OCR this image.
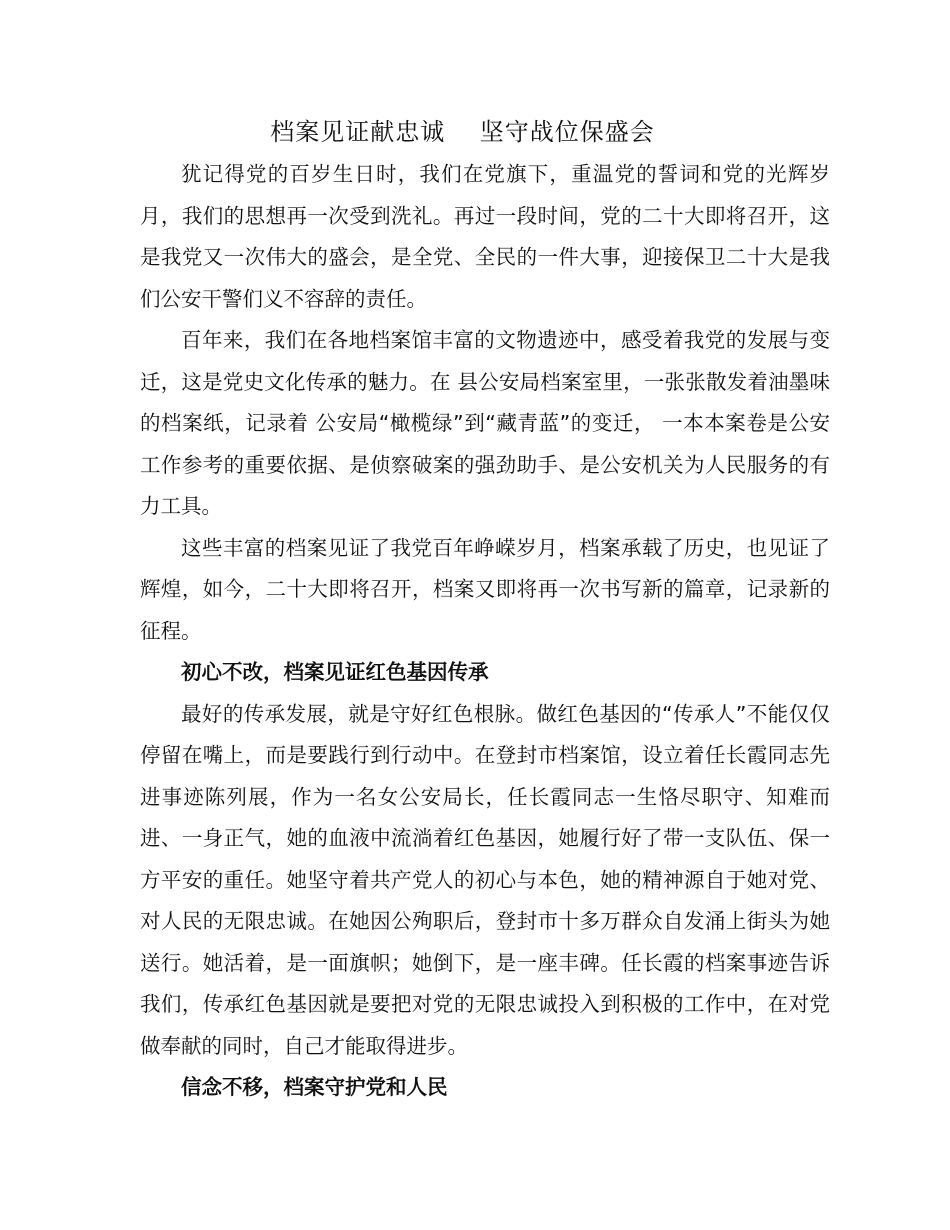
档案见证献忠诚    坚守战位保盛会

犹记得党的百岁生日时，我们在党旗下，重温党的誓词和党的光辉岁月，我们的思想再一次受到洗礼。再过一段时间，党的二十大即将召开，这是我党又一次伟大的盛会，是全党、全民的一件大事，迎接保卫二十大是我们公安干警们义不容辞的责任。

百年来，我们在各地档案馆丰富的文物遗迹中，感受着我党的发展与变迁，这是党史文化传承的魅力。在 县公安局档案室里，一张张散发着油墨味的档案纸，记录着 公安局“橄榄绿”到“藏青蓝”的变迁， 一本本案卷是公安工作参考的重要依据、是侦察破案的强劲助手、是公安机关为人民服务的有力工具。

这些丰富的档案见证了我党百年峥嵘岁月，档案承载了历史，也见证了辉煌，如今，二十大即将召开，档案又即将再一次书写新的篇章，记录新的征程。

初心不改，档案见证红色基因传承

最好的传承发展，就是守好红色根脉。做红色基因的“传承人”不能仅仅停留在嘴上，而是要践行到行动中。在登封市档案馆，设立着任长霞同志先进事迹陈列展，作为一名女公安局长，任长霞同志一生恪尽职守、知难而进、一身正气，她的血液中流淌着红色基因，她履行好了带一支队伍、保一方平安的重任。她坚守着共产党人的初心与本色，她的精神源自于她对党、对人民的无限忠诚。在她因公殉职后，登封市十多万群众自发涌上街头为她送行。她活着，是一面旗帜；她倒下，是一座丰碑。任长霞的档案事迹告诉我们，传承红色基因就是要把对党的无限忠诚投入到积极的工作中，在对党做奉献的同时，自己才能取得进步。

信念不移，档案守护党和人民
